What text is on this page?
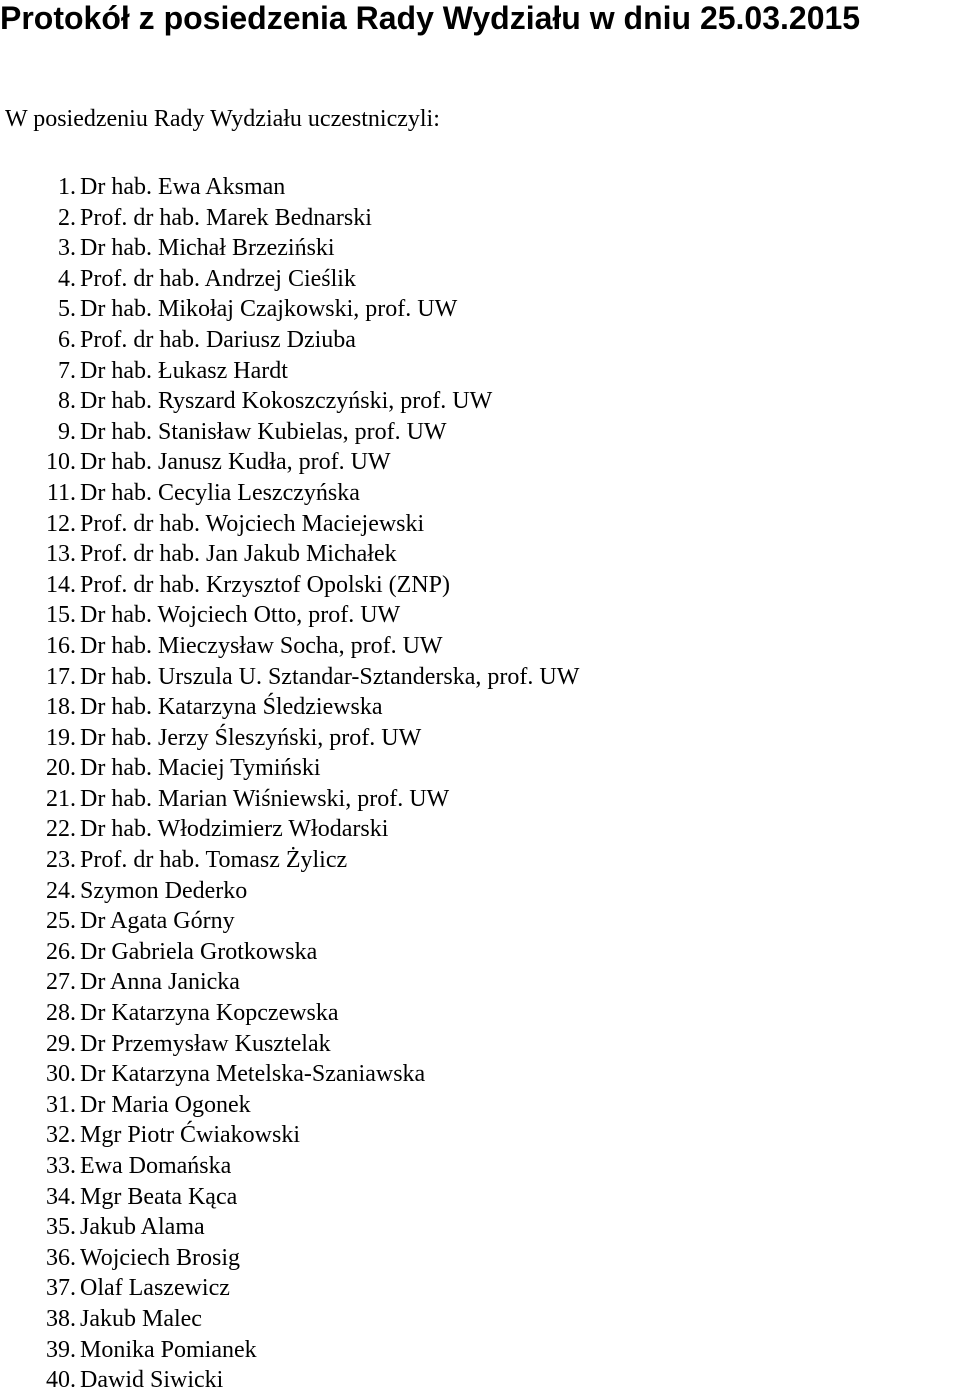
Protokół z posiedzenia Rady Wydziału w dniu 25.03.2015

W posiedzeniu Rady Wydziału uczestniczyli:

1. Dr hab. Ewa Aksman
2. Prof. dr hab. Marek Bednarski
3. Dr hab. Michał Brzeziński
4. Prof. dr hab. Andrzej Cieślik
5. Dr hab. Mikołaj Czajkowski, prof. UW
6. Prof. dr hab. Dariusz Dziuba
7. Dr hab. Łukasz Hardt
8. Dr hab. Ryszard Kokoszczyński, prof. UW
9. Dr hab. Stanisław Kubielas, prof. UW
10. Dr hab. Janusz Kudła, prof. UW
11. Dr hab. Cecylia Leszczyńska
12. Prof. dr hab. Wojciech Maciejewski
13. Prof. dr hab. Jan Jakub Michałek
14. Prof. dr hab. Krzysztof Opolski (ZNP)
15. Dr hab. Wojciech Otto, prof. UW
16. Dr hab. Mieczysław Socha, prof. UW
17. Dr hab. Urszula U. Sztandar-Sztanderska, prof. UW
18. Dr hab. Katarzyna Śledziewska
19. Dr hab. Jerzy Śleszyński, prof. UW
20. Dr hab. Maciej Tymiński
21. Dr hab. Marian Wiśniewski, prof. UW
22. Dr hab. Włodzimierz Włodarski
23. Prof. dr hab. Tomasz Żylicz
24. Szymon Dederko
25. Dr Agata Górny
26. Dr Gabriela Grotkowska
27. Dr Anna Janicka
28. Dr Katarzyna Kopczewska
29. Dr Przemysław Kusztelak
30. Dr Katarzyna Metelska-Szaniawska
31. Dr Maria Ogonek
32. Mgr Piotr Ćwiakowski
33. Ewa Domańska
34. Mgr Beata Kąca
35. Jakub Alama
36. Wojciech Brosig
37. Olaf Laszewicz
38. Jakub Malec
39. Monika Pomianek
40. Dawid Siwicki
